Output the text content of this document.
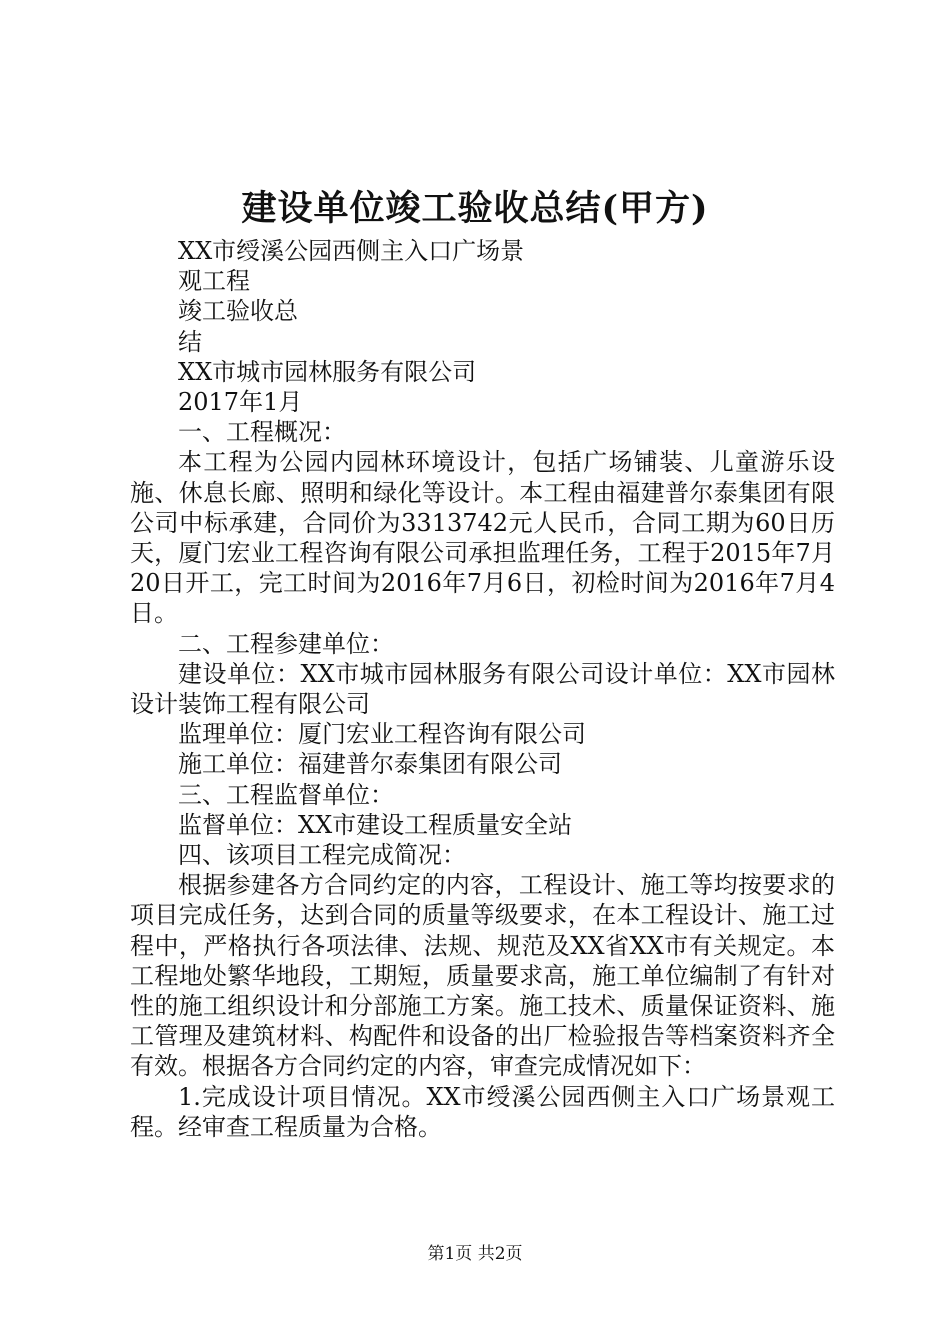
建设单位竣工验收总结(甲方)

XX市绶溪公园西侧主入口广场景

观工程

竣工验收总

结

XX市城市园林服务有限公司

2017年1月

一、工程概况：

本工程为公园内园林环境设计，包括广场铺装、儿童游乐设施、休息长廊、照明和绿化等设计。本工程由福建普尔泰集团有限公司中标承建，合同价为3313742元人民币，合同工期为60日历天，厦门宏业工程咨询有限公司承担监理任务，工程于2015年7月20日开工，完工时间为2016年7月6日，初检时间为2016年7月4日。

二、工程参建单位：

建设单位：XX市城市园林服务有限公司设计单位：XX市园林设计装饰工程有限公司

监理单位：厦门宏业工程咨询有限公司

施工单位：福建普尔泰集团有限公司

三、工程监督单位：

监督单位：XX市建设工程质量安全站

四、该项目工程完成简况：

根据参建各方合同约定的内容，工程设计、施工等均按要求的项目完成任务，达到合同的质量等级要求，在本工程设计、施工过程中，严格执行各项法律、法规、规范及XX省XX市有关规定。本工程地处繁华地段，工期短，质量要求高，施工单位编制了有针对性的施工组织设计和分部施工方案。施工技术、质量保证资料、施工管理及建筑材料、构配件和设备的出厂检验报告等档案资料齐全有效。根据各方合同约定的内容，审查完成情况如下：

1.完成设计项目情况。XX市绶溪公园西侧主入口广场景观工程。经审查工程质量为合格。

第1页 共2页
